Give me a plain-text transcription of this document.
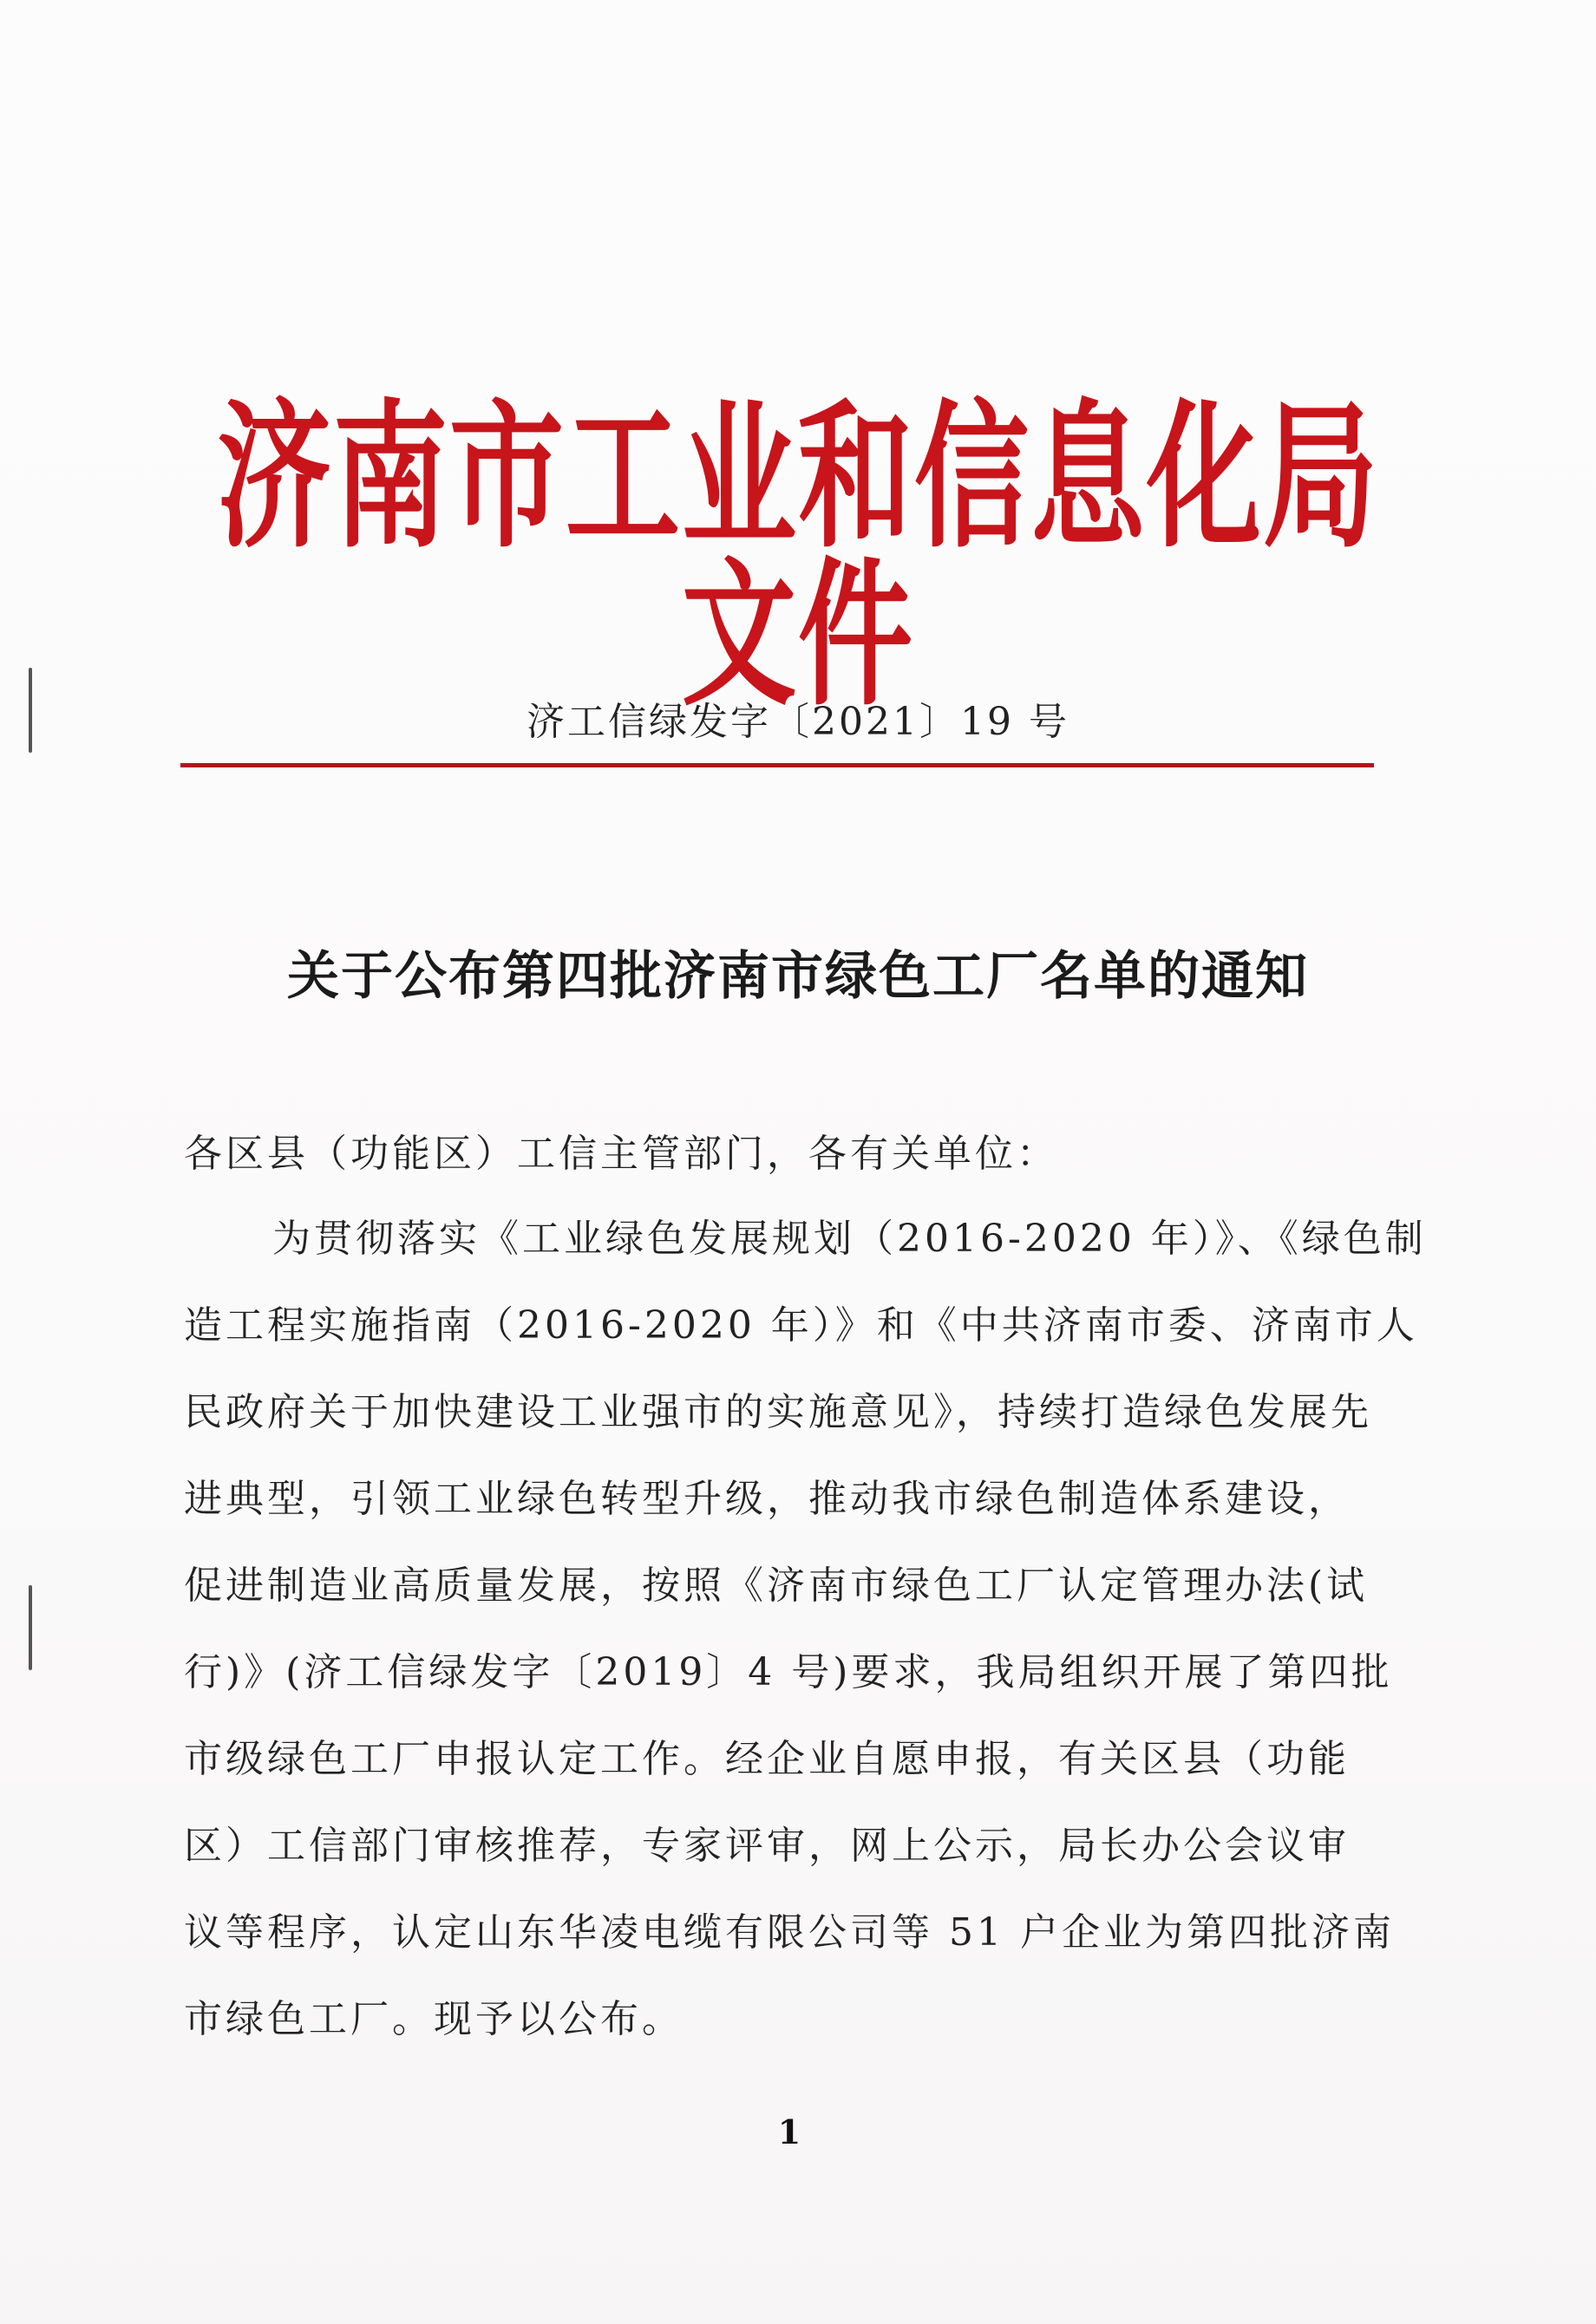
济南市工业和信息化局文件
济工信绿发字〔2021〕19 号
关于公布第四批济南市绿色工厂名单的通知
各区县（功能区）工信主管部门，各有关单位：
为贯彻落实《工业绿色发展规划（2016-2020 年）》、《绿色制
造工程实施指南（2016-2020 年）》和《中共济南市委、济南市人
民政府关于加快建设工业强市的实施意见》，持续打造绿色发展先
进典型，引领工业绿色转型升级，推动我市绿色制造体系建设，
促进制造业高质量发展，按照《济南市绿色工厂认定管理办法(试
行)》(济工信绿发字〔2019〕4 号)要求，我局组织开展了第四批
市级绿色工厂申报认定工作。经企业自愿申报，有关区县（功能
区）工信部门审核推荐，专家评审，网上公示，局长办公会议审
议等程序，认定山东华凌电缆有限公司等 51 户企业为第四批济南
市绿色工厂。现予以公布。
1
